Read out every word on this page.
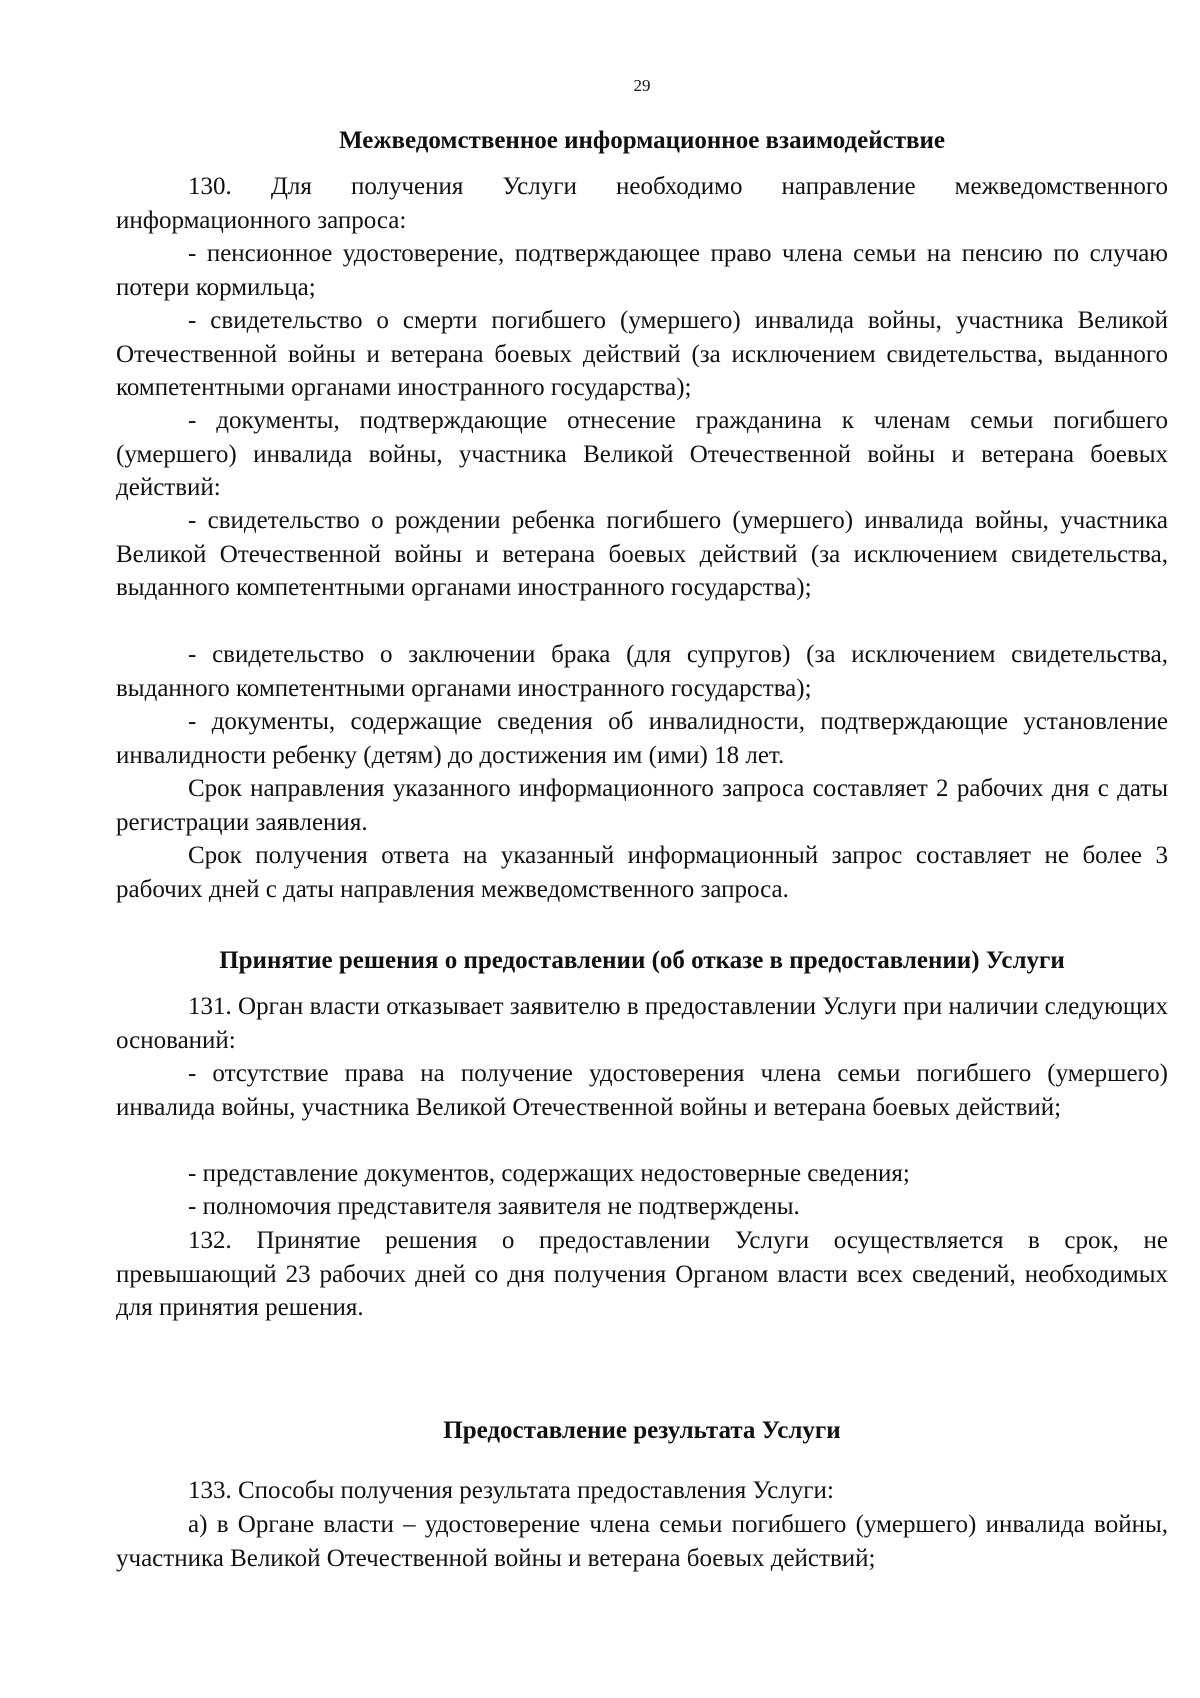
29
Межведомственное информационное взаимодействие
130. Для получения Услуги необходимо направление межведомственного информационного запроса:
- пенсионное удостоверение, подтверждающее право члена семьи на пенсию по случаю потери кормильца;
- свидетельство о смерти погибшего (умершего) инвалида войны, участника Великой Отечественной войны и ветерана боевых действий (за исключением свидетельства, выданного компетентными органами иностранного государства);
- документы, подтверждающие отнесение гражданина к членам семьи погибшего (умершего) инвалида войны, участника Великой Отечественной войны и ветерана боевых действий:
- свидетельство о рождении ребенка погибшего (умершего) инвалида войны, участника Великой Отечественной войны и ветерана боевых действий (за исключением свидетельства, выданного компетентными органами иностранного государства);
- свидетельство о заключении брака (для супругов) (за исключением свидетельства, выданного компетентными органами иностранного государства);
- документы, содержащие сведения об инвалидности, подтверждающие установление инвалидности ребенку (детям) до достижения им (ими) 18 лет.
Срок направления указанного информационного запроса составляет 2 рабочих дня с даты регистрации заявления.
Срок получения ответа на указанный информационный запрос составляет не более 3 рабочих дней с даты направления межведомственного запроса.
Принятие решения о предоставлении (об отказе в предоставлении) Услуги
131. Орган власти отказывает заявителю в предоставлении Услуги при наличии следующих оснований:
- отсутствие права на получение удостоверения члена семьи погибшего (умершего) инвалида войны, участника Великой Отечественной войны и ветерана боевых действий;
- представление документов, содержащих недостоверные сведения;
- полномочия представителя заявителя не подтверждены.
132. Принятие решения о предоставлении Услуги осуществляется в срок, не превышающий 23 рабочих дней со дня получения Органом власти всех сведений, необходимых для принятия решения.
Предоставление результата Услуги
133. Способы получения результата предоставления Услуги:
а) в Органе власти – удостоверение члена семьи погибшего (умершего) инвалида войны, участника Великой Отечественной войны и ветерана боевых действий;
